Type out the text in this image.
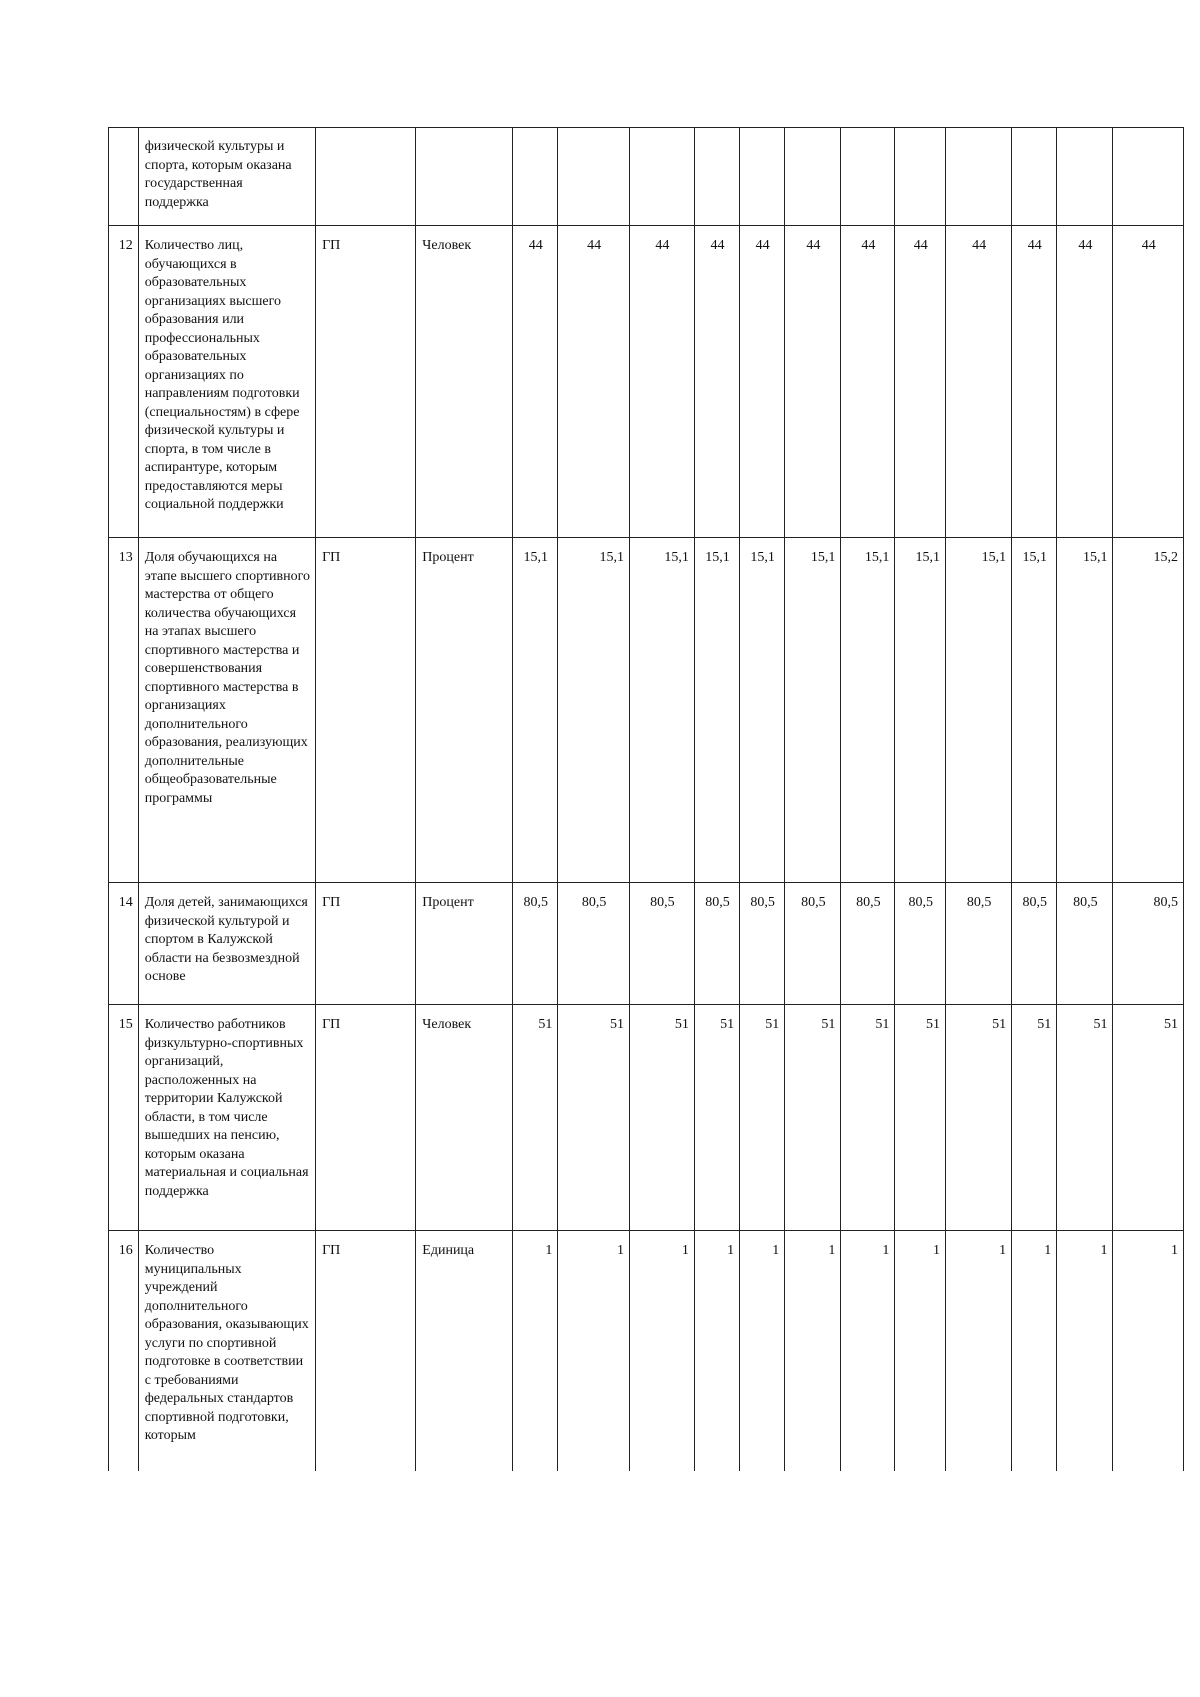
	физической культуры и спорта, которым оказана государственная поддержка														
12	Количество лиц, обучающихся в образовательных организациях высшего образования или профессиональных образовательных организациях по направлениям подготовки (специальностям) в сфере физической культуры и спорта, в том числе в аспирантуре, которым предоставляются меры социальной поддержки	ГП	Человек	44	44	44	44	44	44	44	44	44	44	44	44
13	Доля обучающихся на этапе высшего спортивного мастерства от общего количества обучающихся на этапах высшего спортивного мастерства и совершенствования спортивного мастерства в организациях дополнительного образования, реализующих дополнительные общеобразовательные программы	ГП	Процент	15,1	15,1	15,1	15,1	15,1	15,1	15,1	15,1	15,1	15,1	15,1	15,2
14	Доля детей, занимающихся физической культурой и спортом в Калужской области на безвозмездной основе	ГП	Процент	80,5	80,5	80,5	80,5	80,5	80,5	80,5	80,5	80,5	80,5	80,5	80,5
15	Количество работников физкультурно-спортивных организаций, расположенных на территории Калужской области, в том числе вышедших на пенсию, которым оказана материальная и социальная поддержка	ГП	Человек	51	51	51	51	51	51	51	51	51	51	51	51
16	Количество муниципальных учреждений дополнительного образования, оказывающих услуги по спортивной подготовке в соответствии с требованиями федеральных стандартов спортивной подготовки, которым	ГП	Единица	1	1	1	1	1	1	1	1	1	1	1	1
